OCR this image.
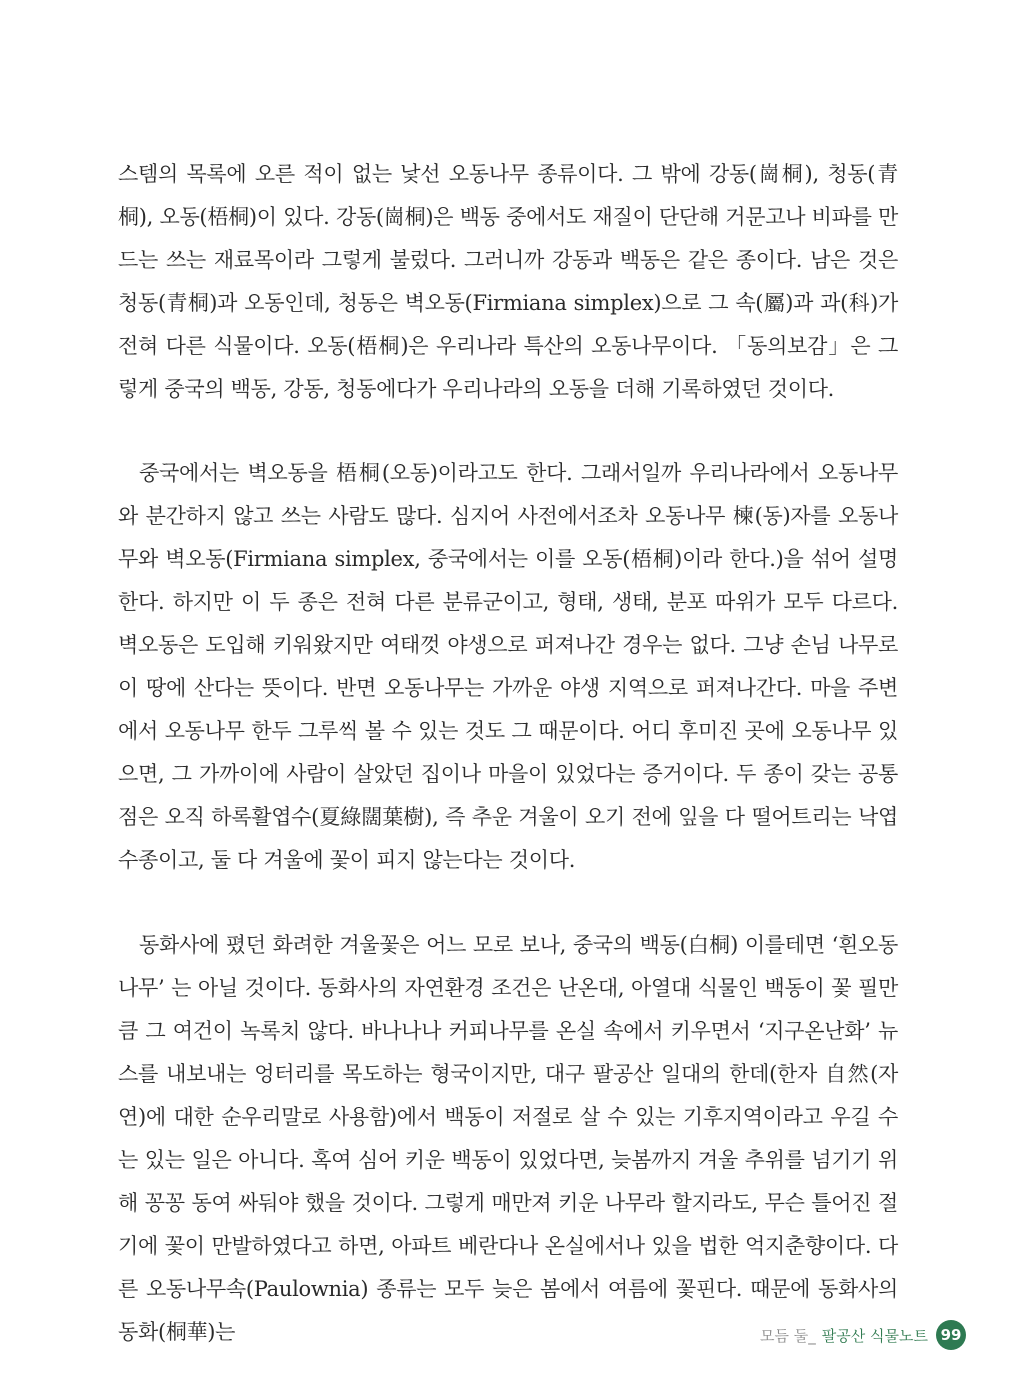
스템의 목록에 오른 적이 없는 낯선 오동나무 종류이다. 그 밖에 강동(崗桐), 청동(青桐), 오동(梧桐)이 있다. 강동(崗桐)은 백동 중에서도 재질이 단단해 거문고나 비파를 만드는 쓰는 재료목이라 그렇게 불렀다. 그러니까 강동과 백동은 같은 종이다. 남은 것은 청동(青桐)과 오동인데, 청동은 벽오동(Firmiana simplex)으로 그 속(屬)과 과(科)가 전혀 다른 식물이다. 오동(梧桐)은 우리나라 특산의 오동나무이다. 「동의보감」은 그렇게 중국의 백동, 강동, 청동에다가 우리나라의 오동을 더해 기록하였던 것이다.

중국에서는 벽오동을 梧桐(오동)이라고도 한다. 그래서일까 우리나라에서 오동나무와 분간하지 않고 쓰는 사람도 많다. 심지어 사전에서조차 오동나무 楝(동)자를 오동나무와 벽오동(Firmiana simplex, 중국에서는 이를 오동(梧桐)이라 한다.)을 섞어 설명한다. 하지만 이 두 종은 전혀 다른 분류군이고, 형태, 생태, 분포 따위가 모두 다르다. 벽오동은 도입해 키워왔지만 여태껏 야생으로 퍼져나간 경우는 없다. 그냥 손님 나무로 이 땅에 산다는 뜻이다. 반면 오동나무는 가까운 야생 지역으로 퍼져나간다. 마을 주변에서 오동나무 한두 그루씩 볼 수 있는 것도 그 때문이다. 어디 후미진 곳에 오동나무 있으면, 그 가까이에 사람이 살았던 집이나 마을이 있었다는 증거이다. 두 종이 갖는 공통점은 오직 하록활엽수(夏綠闊葉樹), 즉 추운 겨울이 오기 전에 잎을 다 떨어트리는 낙엽수종이고, 둘 다 겨울에 꽃이 피지 않는다는 것이다.

동화사에 폈던 화려한 겨울꽃은 어느 모로 보나, 중국의 백동(白桐) 이를테면 ‘흰오동나무’ 는 아닐 것이다. 동화사의 자연환경 조건은 난온대, 아열대 식물인 백동이 꽃 필만큼 그 여건이 녹록치 않다. 바나나나 커피나무를 온실 속에서 키우면서 ‘지구온난화’ 뉴스를 내보내는 엉터리를 목도하는 형국이지만, 대구 팔공산 일대의 한데(한자 自然(자연)에 대한 순우리말로 사용함)에서 백동이 저절로 살 수 있는 기후지역이라고 우길 수는 있는 일은 아니다. 혹여 심어 키운 백동이 있었다면, 늦봄까지 겨울 추위를 넘기기 위해 꽁꽁 동여 싸둬야 했을 것이다. 그렇게 매만져 키운 나무라 할지라도, 무슨 틀어진 절기에 꽃이 만발하였다고 하면, 아파트 베란다나 온실에서나 있을 법한 억지춘향이다. 다른 오동나무속(Paulownia) 종류는 모두 늦은 봄에서 여름에 꽃핀다. 때문에 동화사의 동화(桐華)는	모듬 둘_ 팔공산 식물노트 99
